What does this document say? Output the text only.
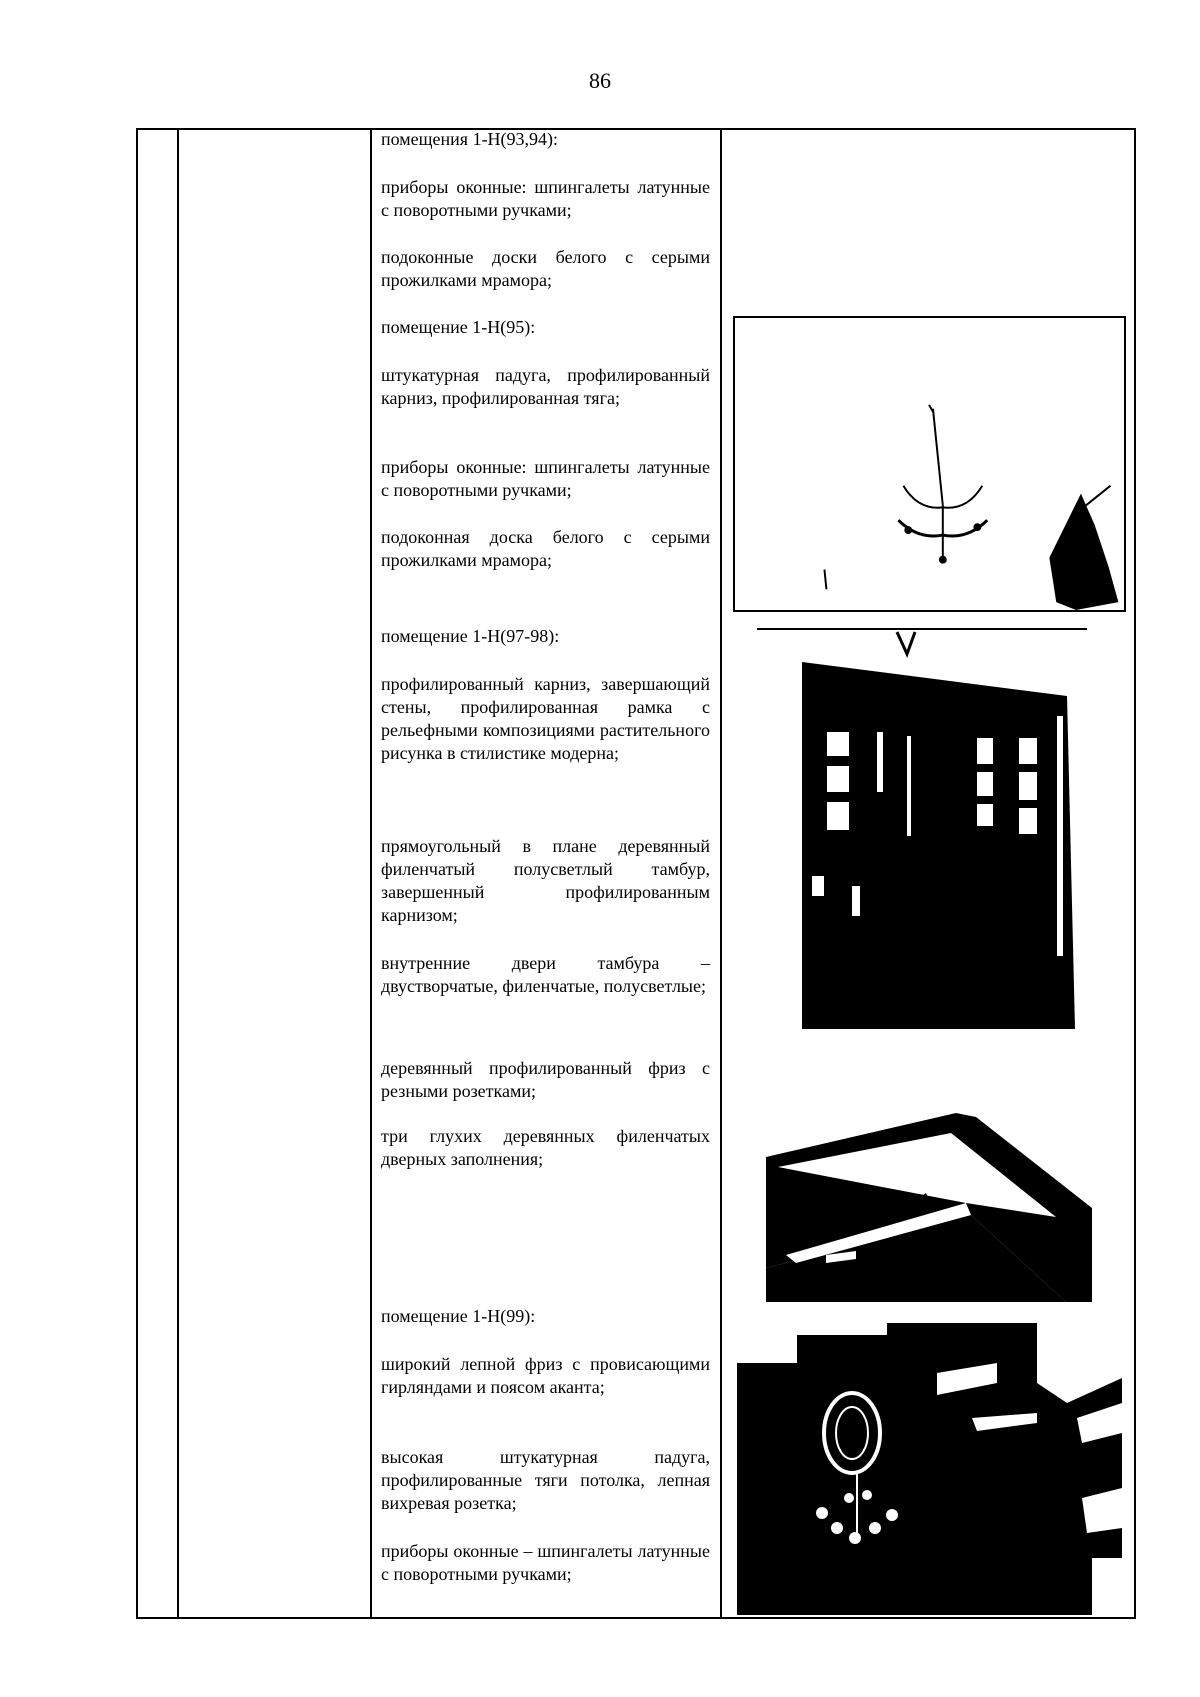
86
помещения 1-Н(93,94):
приборы оконные: шпингалеты латунные с поворотными ручками;
подоконные доски белого с серыми прожилками мрамора;
помещение 1-Н(95):
штукатурная падуга, профилированный карниз, профилированная тяга;
приборы оконные: шпингалеты латунные с поворотными ручками;
подоконная доска белого с серыми прожилками мрамора;
помещение 1-Н(97-98):
профилированный карниз, завершающий стены, профилированная рамка с рельефными композициями растительного рисунка в стилистике модерна;
прямоугольный в плане деревянный филенчатый полусветлый тамбур, завершенный профилированным карнизом;
внутренние двери тамбура – двустворчатые, филенчатые, полусветлые;
деревянный профилированный фриз с резными розетками;
три глухих деревянных филенчатых дверных заполнения;
помещение 1-Н(99):
широкий лепной фриз с провисающими гирляндами и поясом аканта;
высокая штукатурная падуга, профилированные тяги потолка, лепная вихревая розетка;
приборы оконные – шпингалеты латунные с поворотными ручками;
